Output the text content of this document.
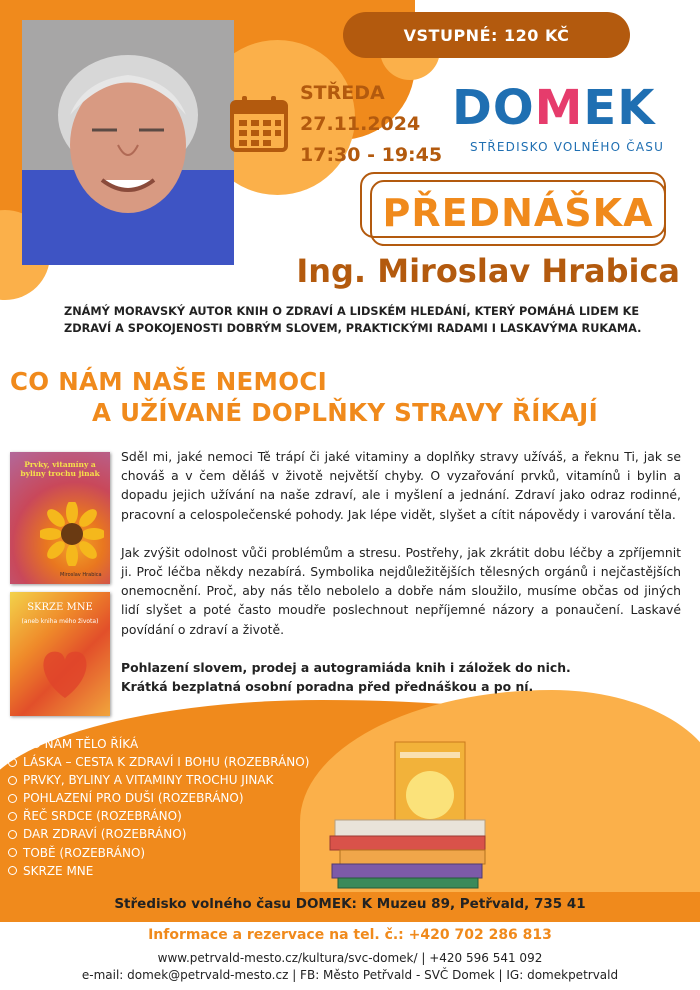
VSTUPNÉ: 120 KČ
STŘEDA
27.11.2024
17:30 - 19:45
DO M EK
STŘEDISKO VOLNÉHO ČASU
PŘEDNÁŠKA
Ing. Miroslav Hrabica
ZNÁMÝ MORAVSKÝ AUTOR KNIH O ZDRAVÍ A LIDSKÉM HLEDÁNÍ, KTERÝ POMÁHÁ LIDEM KE ZDRAVÍ A SPOKOJENOSTI DOBRÝM SLOVEM, PRAKTICKÝMI RADAMI I LASKAVÝMA RUKAMA.
CO NÁM NAŠE NEMOCI
A UŽÍVANÉ DOPLŇKY STRAVY ŘÍKAJÍ
Prvky, vitamíny a byliny trochu jinak
Miroslav Hrabica
SKRZE MNE
(aneb kniha mého života)

Sděl mi, jaké nemoci Tě trápí či jaké vitaminy a doplňky stravy užíváš, a řeknu Ti, jak se chováš a v čem děláš v životě největší chyby. O vyzařování prvků, vitamínů i bylin a dopadu jejich užívání na naše zdraví, ale i myšlení a jednání. Zdraví jako odraz rodinné, pracovní a celospolečenské pohody. Jak lépe vidět, slyšet a cítit nápovědy i varování těla.

Jak zvýšit odolnost vůči problémům a stresu. Postřehy, jak zkrátit dobu léčby a zpříjemnit ji. Proč léčba někdy nezabírá. Symbolika nejdůležitějších tělesných orgánů i nejčastějších onemocnění. Proč, aby nás tělo nebolelo a dobře nám sloužilo, musíme občas od jiných lidí slyšet a poté často moudře poslechnout nepříjemné názory a ponaučení. Laskavé povídání o zdraví a životě.

Pohlazení slovem, prodej a autogramiáda knih i záložek do nich.

Krátká bezplatná osobní poradna před přednáškou a po ní.

CO NÁM TĚLO ŘÍKÁ
LÁSKA – CESTA K ZDRAVÍ I BOHU (ROZEBRÁNO)
PRVKY, BYLINY A VITAMINY TROCHU JINAK
POHLAZENÍ PRO DUŠI (ROZEBRÁNO)
ŘEČ SRDCE (ROZEBRÁNO)
DAR ZDRAVÍ (ROZEBRÁNO)
TOBĚ (ROZEBRÁNO)
SKRZE MNE
Středisko volného času DOMEK: K Muzeu 89, Petřvald, 735 41
Informace a rezervace na tel. č.: +420 702 286 813
www.petrvald-mesto.cz/kultura/svc-domek/ | +420 596 541 092
e-mail: domek@petrvald-mesto.cz | FB: Město Petřvald - SVČ Domek | IG: domekpetrvald
